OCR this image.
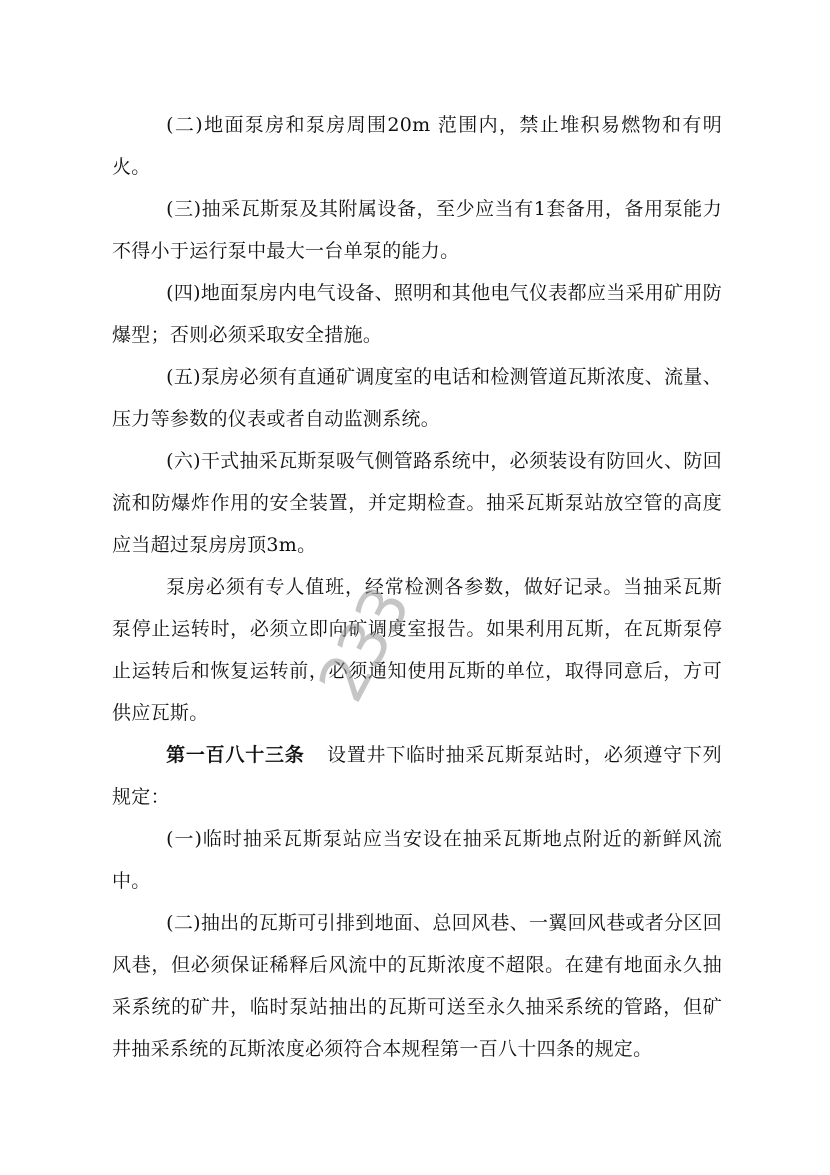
(二)地面泵房和泵房周围20m 范围内，禁止堆积易燃物和有明火。

(三)抽采瓦斯泵及其附属设备，至少应当有1套备用，备用泵能力不得小于运行泵中最大一台单泵的能力。

(四)地面泵房内电气设备、照明和其他电气仪表都应当采用矿用防爆型；否则必须采取安全措施。

(五)泵房必须有直通矿调度室的电话和检测管道瓦斯浓度、流量、压力等参数的仪表或者自动监测系统。

(六)干式抽采瓦斯泵吸气侧管路系统中，必须装设有防回火、防回流和防爆炸作用的安全装置，并定期检查。抽采瓦斯泵站放空管的高度应当超过泵房房顶3m。

泵房必须有专人值班，经常检测各参数，做好记录。当抽采瓦斯泵停止运转时，必须立即向矿调度室报告。如果利用瓦斯，在瓦斯泵停止运转后和恢复运转前，必须通知使用瓦斯的单位，取得同意后，方可供应瓦斯。

第一百八十三条 设置井下临时抽采瓦斯泵站时，必须遵守下列规定：

(一)临时抽采瓦斯泵站应当安设在抽采瓦斯地点附近的新鲜风流中。

(二)抽出的瓦斯可引排到地面、总回风巷、一翼回风巷或者分区回风巷，但必须保证稀释后风流中的瓦斯浓度不超限。在建有地面永久抽采系统的矿井，临时泵站抽出的瓦斯可送至永久抽采系统的管路，但矿井抽采系统的瓦斯浓度必须符合本规程第一百八十四条的规定。

233
